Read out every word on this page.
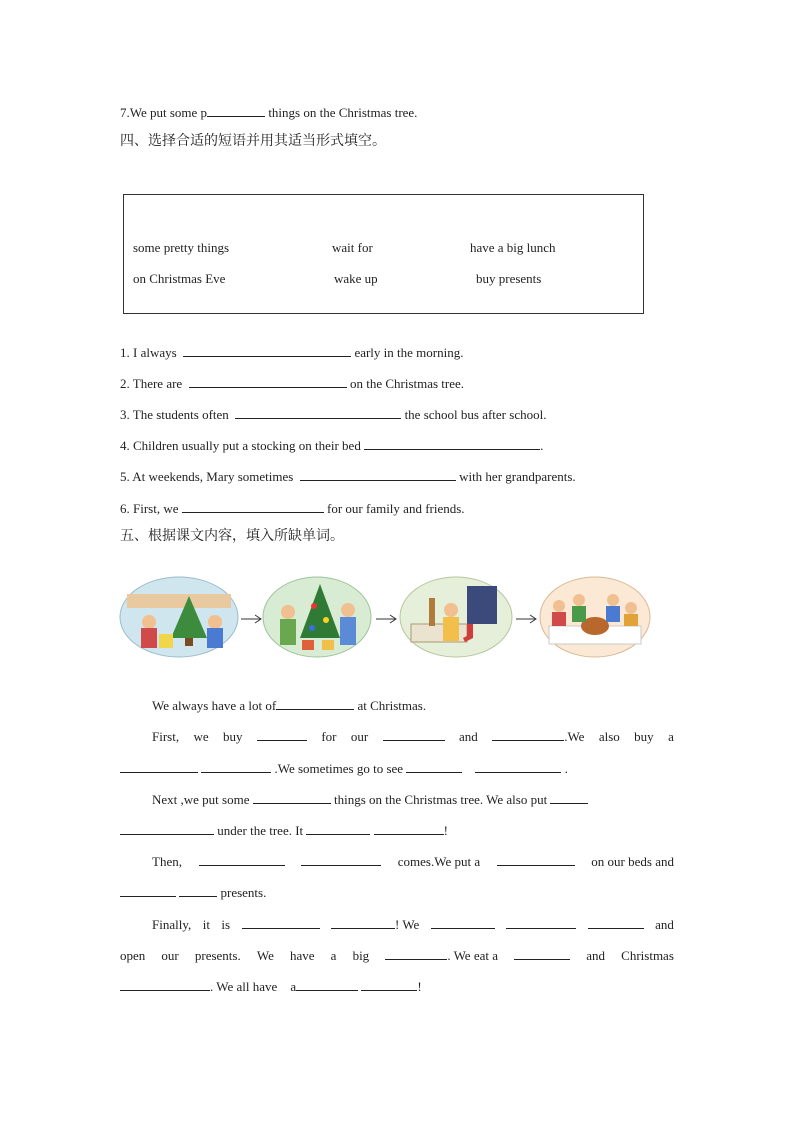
7.We put some p	things on the Christmas tree.
四、选择合适的短语并用其适当形式填空。
some pretty things	wait for	have a big lunch
on Christmas Eve	wake up	buy presents
1. I always	early in the morning.
2. There are	on the Christmas tree.
3. The students often	the school bus after school.
4. Children usually put a stocking on their bed	.
5. At weekends, Mary sometimes	with her grandparents.
6. First, we	for our family and friends.
五、根据课文内容，填入所缺单词。
We always have a lot of	at Christmas.
First, we buy	for our	and	.We also buy a
.We sometimes go to see	.
Next ,we put some	things on the Christmas tree. We also put
under the tree. It	!
Then,	comes.We put a	on our beds and
presents.
Finally, it is	! We	and
open our presents. We have a big	. We eat a	and Christmas
. We all have a	!
